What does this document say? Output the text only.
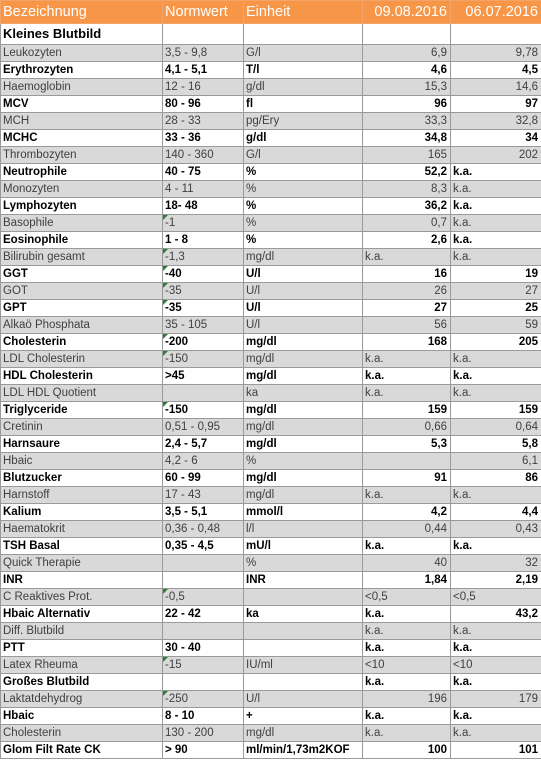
Bezeichnung	Normwert	Einheit	09.08.2016	06.07.2016
Kleines Blutbild				
Leukozyten	3,5 - 9,8	G/l	6,9	9,78
Erythrozyten	4,1 - 5,1	T/l	4,6	4,5
Haemoglobin	12 - 16	g/dl	15,3	14,6
MCV	80 - 96	fl	96	97
MCH	28 - 33	pg/Ery	33,3	32,8
MCHC	33 - 36	g/dl	34,8	34
Thrombozyten	140 - 360	G/l	165	202
Neutrophile	40 - 75	%	52,2	k.a.
Monozyten	4 - 11	%	8,3	k.a.
Lymphozyten	18- 48	%	36,2	k.a.
Basophile	-1	%	0,7	k.a.
Eosinophile	1 - 8	%	2,6	k.a.
Bilirubin gesamt	-1,3	mg/dl	k.a.	k.a.
GGT	-40	U/l	16	19
GOT	-35	U/l	26	27
GPT	-35	U/l	27	25
Alkaö Phosphata	35 - 105	U/l	56	59
Cholesterin	-200	mg/dl	168	205
LDL Cholesterin	-150	mg/dl	k.a.	k.a.
HDL Cholesterin	>45	mg/dl	k.a.	k.a.
LDL HDL Quotient		ka	k.a.	k.a.
Triglyceride	-150	mg/dl	159	159
Cretinin	0,51 - 0,95	mg/dl	0,66	0,64
Harnsaure	2,4 - 5,7	mg/dl	5,3	5,8
Hbaic	4,2 - 6	%		6,1
Blutzucker	60 - 99	mg/dl	91	86
Harnstoff	17 - 43	mg/dl	k.a.	k.a.
Kalium	3,5 - 5,1	mmol/l	4,2	4,4
Haematokrit	0,36 - 0,48	l/l	0,44	0,43
TSH Basal	0,35 - 4,5	mU/l	k.a.	k.a.
Quick Therapie		%	40	32
INR		INR	1,84	2,19
C Reaktives Prot.	-0,5		<0,5	<0,5
Hbaic Alternativ	22 - 42	ka	k.a.	43,2
Diff. Blutbild			k.a.	k.a.
PTT	30 - 40		k.a.	k.a.
Latex Rheuma	-15	IU/ml	<10	<10
Großes Blutbild			k.a.	k.a.
Laktatdehydrog	-250	U/l	196	179
Hbaic	8 - 10	+	k.a.	k.a.
Cholesterin	130 - 200	mg/dl	k.a.	k.a.
Glom Filt Rate CK	> 90	ml/min/1,73m2KOF	100	101
